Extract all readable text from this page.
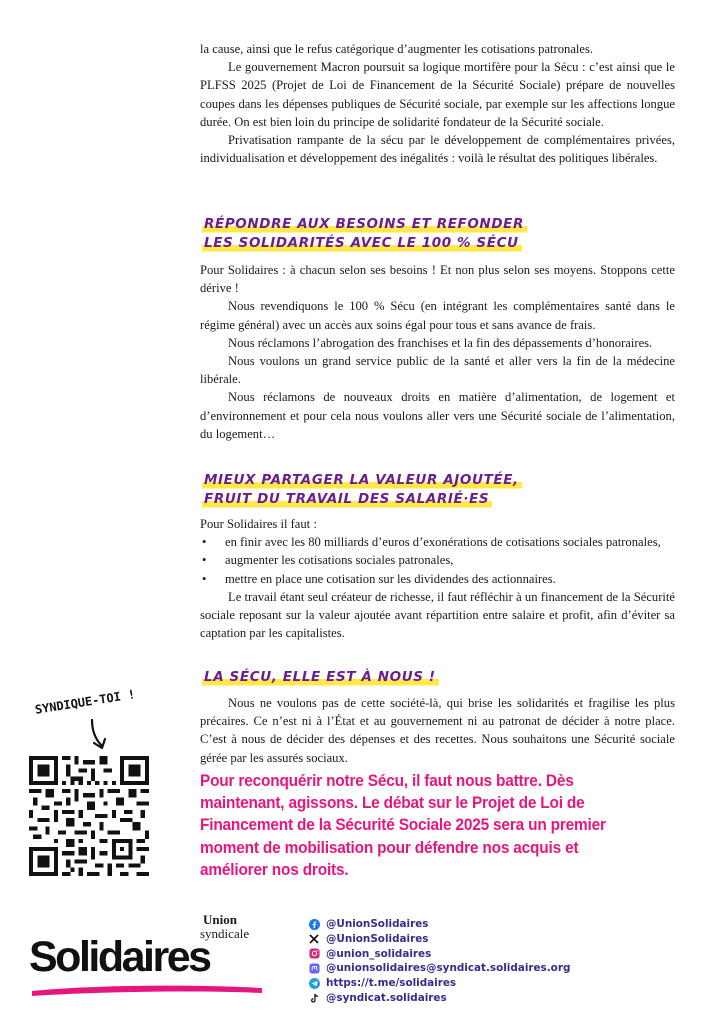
la cause, ainsi que le refus catégorique d’augmenter les cotisations patronales.

Le gouvernement Macron poursuit sa logique mortifère pour la Sécu : c’est ainsi que le PLFSS 2025 (Projet de Loi de Financement de la Sécurité Sociale) prépare de nouvelles coupes dans les dépenses publiques de Sécurité sociale, par exemple sur les affections longue durée. On est bien loin du principe de solidarité fondateur de la Sécurité sociale.

Privatisation rampante de la sécu par le développement de complémentaires privées, individualisation et développement des inégalités : voilà le résultat des politiques libérales.

RÉPONDRE AUX BESOINS ET REFONDER
LES SOLIDARITÉS AVEC LE 100 % SÉCU

Pour Solidaires : à chacun selon ses besoins ! Et non plus selon ses moyens. Stoppons cette dérive !

Nous revendiquons le 100 % Sécu (en intégrant les complémentaires santé dans le régime général) avec un accès aux soins égal pour tous et sans avance de frais.

Nous réclamons l’abrogation des franchises et la fin des dépassements d’honoraires.

Nous voulons un grand service public de la santé et aller vers la fin de la médecine libérale.

Nous réclamons de nouveaux droits en matière d’alimentation, de logement et d’environnement et pour cela nous voulons aller vers une Sécurité sociale de l’alimentation, du logement…

MIEUX PARTAGER LA VALEUR AJOUTÉE,
FRUIT DU TRAVAIL DES SALARIÉ·ES

Pour Solidaires il faut :

• en finir avec les 80 milliards d’euros d’exonérations de cotisations sociales patronales,
• augmenter les cotisations sociales patronales,
• mettre en place une cotisation sur les dividendes des actionnaires.

Le travail étant seul créateur de richesse, il faut réfléchir à un financement de la Sécurité sociale reposant sur la valeur ajoutée avant répartition entre salaire et profit, afin d’éviter sa captation par les capitalistes.

LA SÉCU, ELLE EST À NOUS !

Nous ne voulons pas de cette société-là, qui brise les solidarités et fragilise les plus précaires. Ce n’est ni à l’État et au gouvernement ni au patronat de décider à notre place. C’est à nous de décider des dépenses et des recettes. Nous souhaitons une Sécurité sociale gérée par les assurés sociaux.

Pour reconquérir notre Sécu, il faut nous battre. Dès maintenant, agissons. Le débat sur le Projet de Loi de Financement de la Sécurité Sociale 2025 sera un premier moment de mobilisation pour défendre nos acquis et améliorer nos droits.

SYNDIQUE-TOI !
Union
syndicale
Solidaires
@UnionSolidaires
@UnionSolidaires
@union_solidaires
@unionsolidaires@syndicat.solidaires.org
https://t.me/solidaires
@syndicat.solidaires
